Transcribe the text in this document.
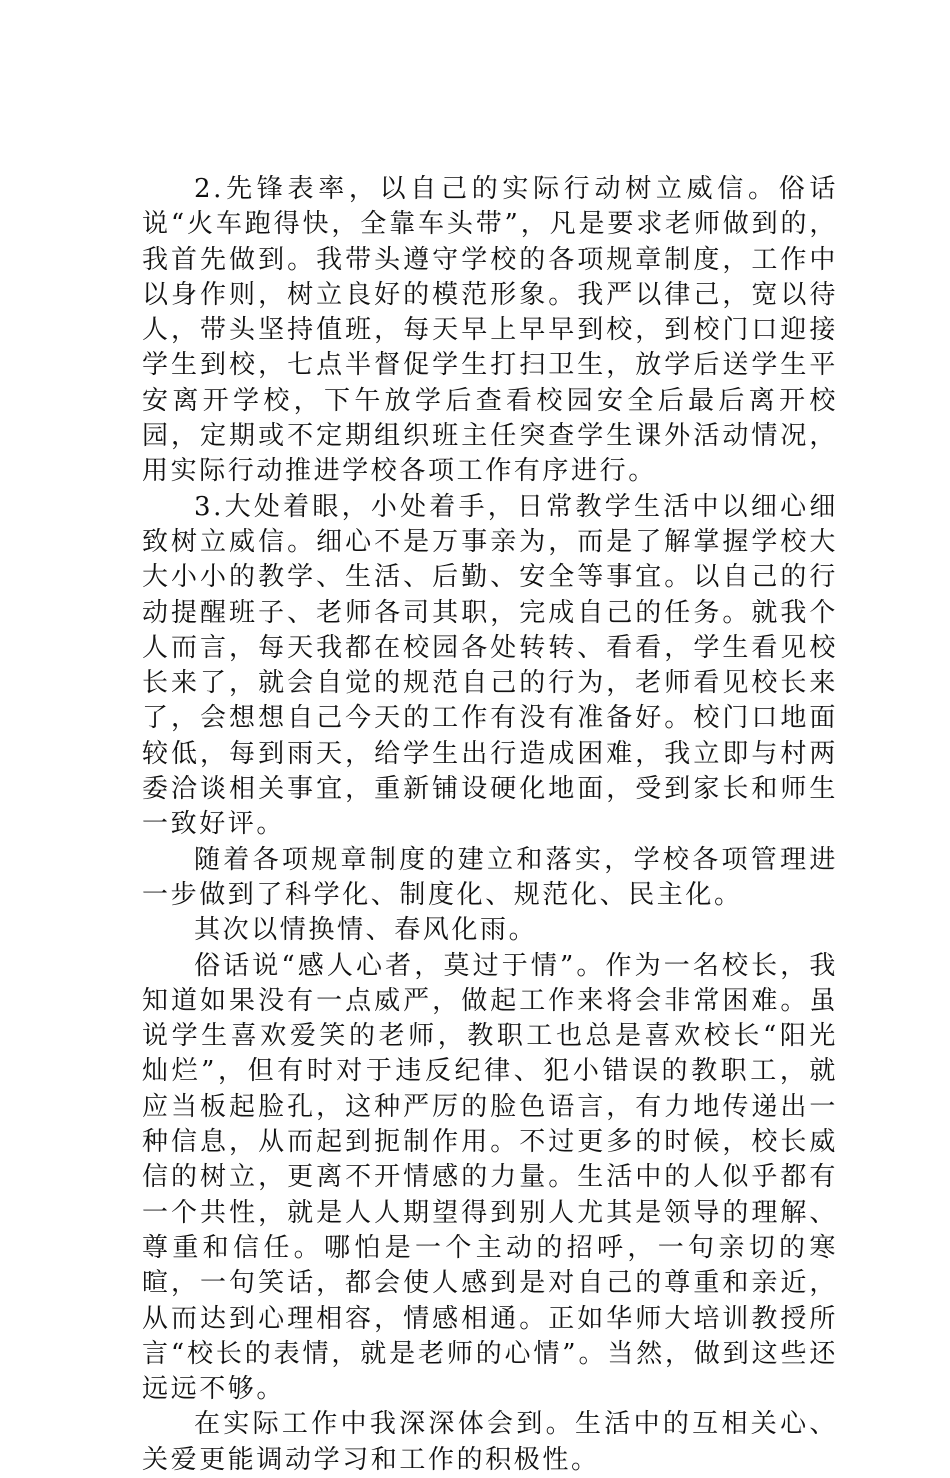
2.先锋表率，以自己的实际行动树立威信。俗话说“火车跑得快，全靠车头带”，凡是要求老师做到的，我首先做到。我带头遵守学校的各项规章制度，工作中以身作则，树立良好的模范形象。我严以律己，宽以待人，带头坚持值班，每天早上早早到校，到校门口迎接学生到校，七点半督促学生打扫卫生，放学后送学生平安离开学校，下午放学后查看校园安全后最后离开校园，定期或不定期组织班主任突查学生课外活动情况，用实际行动推进学校各项工作有序进行。

3.大处着眼，小处着手，日常教学生活中以细心细致树立威信。细心不是万事亲为，而是了解掌握学校大大小小的教学、生活、后勤、安全等事宜。以自己的行动提醒班子、老师各司其职，完成自己的任务。就我个人而言，每天我都在校园各处转转、看看，学生看见校长来了，就会自觉的规范自己的行为，老师看见校长来了，会想想自己今天的工作有没有准备好。校门口地面较低，每到雨天，给学生出行造成困难，我立即与村两委洽谈相关事宜，重新铺设硬化地面，受到家长和师生一致好评。

随着各项规章制度的建立和落实，学校各项管理进一步做到了科学化、制度化、规范化、民主化。

其次以情换情、春风化雨。

俗话说“感人心者，莫过于情”。作为一名校长，我知道如果没有一点威严，做起工作来将会非常困难。虽说学生喜欢爱笑的老师，教职工也总是喜欢校长“阳光灿烂”，但有时对于违反纪律、犯小错误的教职工，就应当板起脸孔，这种严厉的脸色语言，有力地传递出一种信息，从而起到扼制作用。不过更多的时候，校长威信的树立，更离不开情感的力量。生活中的人似乎都有一个共性，就是人人期望得到别人尤其是领导的理解、尊重和信任。哪怕是一个主动的招呼，一句亲切的寒暄，一句笑话，都会使人感到是对自己的尊重和亲近，从而达到心理相容，情感相通。正如华师大培训教授所言“校长的表情，就是老师的心情”。当然，做到这些还远远不够。

在实际工作中我深深体会到。生活中的互相关心、关爱更能调动学习和工作的积极性。
